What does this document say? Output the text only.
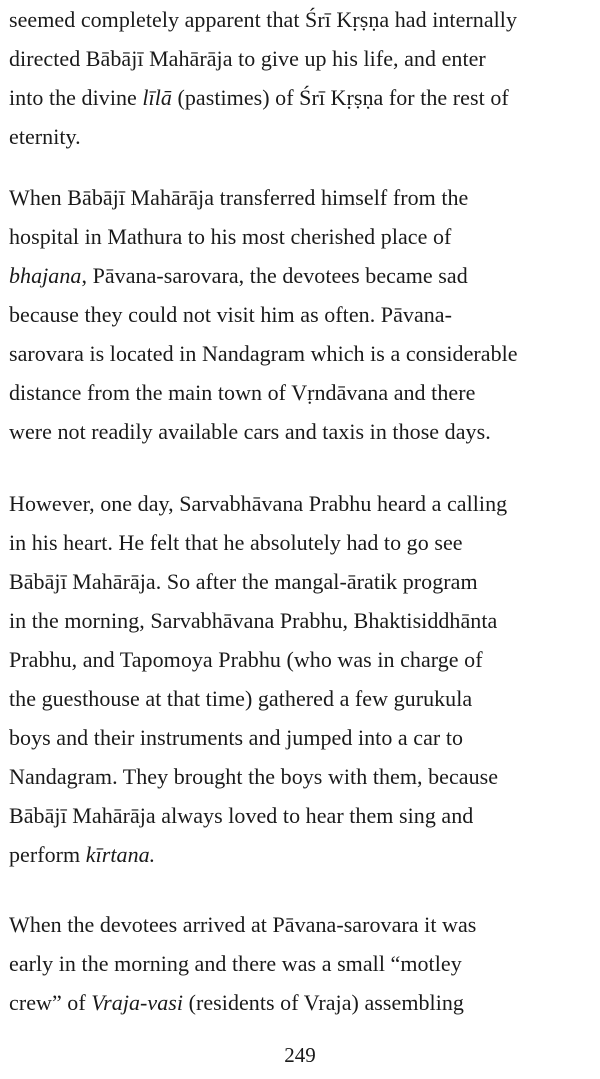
seemed completely apparent that Śrī Kṛṣṇa had internally
directed Bābājī Mahārāja to give up his life, and enter
into the divine līlā (pastimes) of Śrī Kṛṣṇa for the rest of
eternity.
When Bābājī Mahārāja transferred himself from the
hospital in Mathura to his most cherished place of
bhajana, Pāvana-sarovara, the devotees became sad
because they could not visit him as often. Pāvana-
sarovara is located in Nandagram which is a considerable
distance from the main town of Vṛndāvana and there
were not readily available cars and taxis in those days.
However, one day, Sarvabhāvana Prabhu heard a calling
in his heart. He felt that he absolutely had to go see
Bābājī Mahārāja. So after the mangal-āratik program
in the morning, Sarvabhāvana Prabhu, Bhaktisiddhānta
Prabhu, and Tapomoya Prabhu (who was in charge of
the guesthouse at that time) gathered a few gurukula
boys and their instruments and jumped into a car to
Nandagram. They brought the boys with them, because
Bābājī Mahārāja always loved to hear them sing and
perform kīrtana.
When the devotees arrived at Pāvana-sarovara it was
early in the morning and there was a small “motley
crew” of Vraja-vasi (residents of Vraja) assembling
249
